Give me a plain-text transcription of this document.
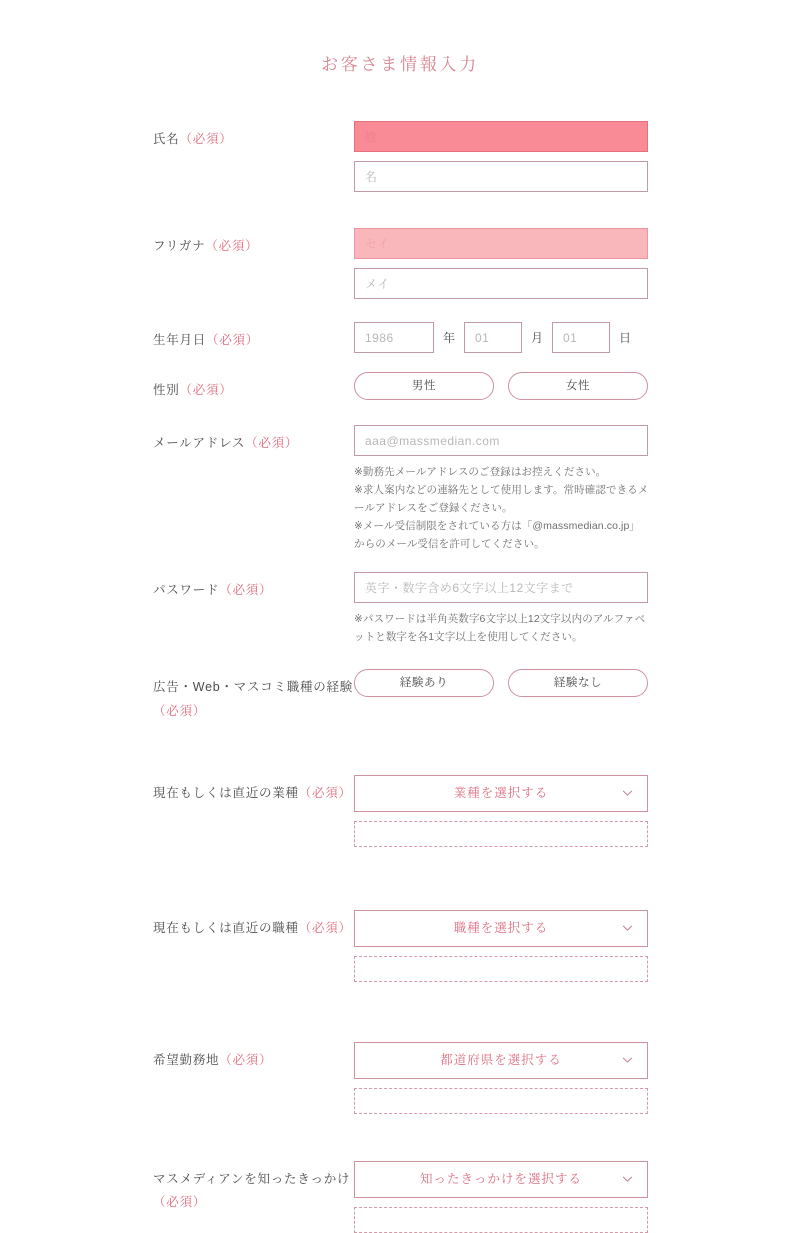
お客さま情報入力
氏名（必須）
姓
名
フリガナ（必須）
セイ
メイ
生年月日（必須）
1986	年
01	月
01	日
性別（必須）	男性	女性
メールアドレス（必須）
aaa@massmedian.com
※勤務先メールアドレスのご登録はお控えください。
※求人案内などの連絡先として使用します。常時確認できるメールアドレスをご登録ください。
※メール受信制限をされている方は「@massmedian.co.jp」からのメール受信を許可してください。
パスワード（必須）
英字・数字含め6文字以上12文字まで
※パスワードは半角英数字6文字以上12文字以内のアルファベットと数字を各1文字以上を使用してください。
広告・Web・マスコミ職種の経験（必須）
経験あり	経験なし
現在もしくは直近の業種（必須）	業種を選択する
現在もしくは直近の職種（必須）	職種を選択する
希望勤務地（必須）	都道府県を選択する
マスメディアンを知ったきっかけ（必須）
知ったきっかけを選択する
